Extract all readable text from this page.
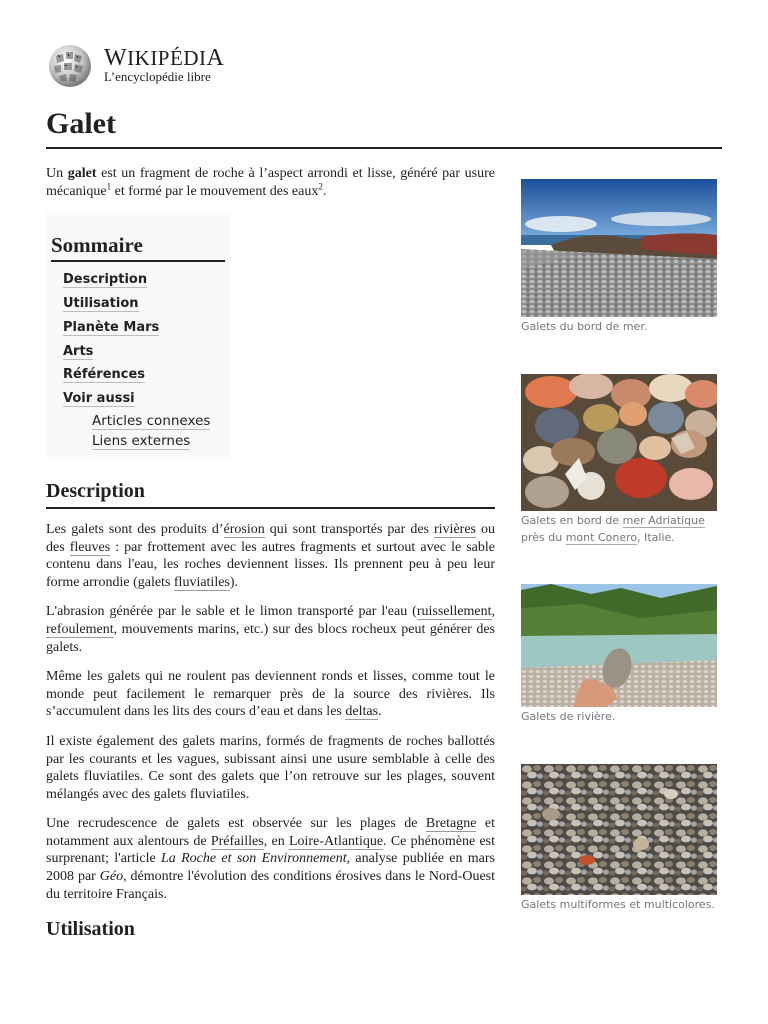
WIKIPÉDIA
L’encyclopédie libre
Galet

Un galet est un fragment de roche à l’aspect arrondi et lisse, généré par usure mécanique$^1$ et formé par le mouvement des eaux$^2$.

Sommaire
Description
Utilisation
Planète Mars
Arts
Références
Voir aussi
Articles connexes
Liens externes
Description

Les galets sont des produits d’érosion qui sont transportés par des rivières ou des fleuves : par frottement avec les autres fragments et surtout avec le sable contenu dans l'eau, les roches deviennent lisses. Ils prennent peu à peu leur forme arrondie (galets fluviatiles).

L'abrasion générée par le sable et le limon transporté par l'eau (ruissellement, refoulement, mouvements marins, etc.) sur des blocs rocheux peut générer des galets.

Même les galets qui ne roulent pas deviennent ronds et lisses, comme tout le monde peut facilement le remarquer près de la source des rivières. Ils s’accumulent dans les lits des cours d’eau et dans les deltas.

Il existe également des galets marins, formés de fragments de roches ballottés par les courants et les vagues, subissant ainsi une usure semblable à celle des galets fluviatiles. Ce sont des galets que l’on retrouve sur les plages, souvent mélangés avec des galets fluviatiles.

Une recrudescence de galets est observée sur les plages de Bretagne et notamment aux alentours de Préfailles, en Loire-Atlantique. Ce phénomène est surprenant; l'article La Roche et son Environnement, analyse publiée en mars 2008 par Géo, démontre l'évolution des conditions érosives dans le Nord-Ouest du territoire Français.

Utilisation
Galets du bord de mer.
Galets en bord de mer Adriatique près du mont Conero, Italie.
Galets de rivière.
Galets multiformes et multicolores.
